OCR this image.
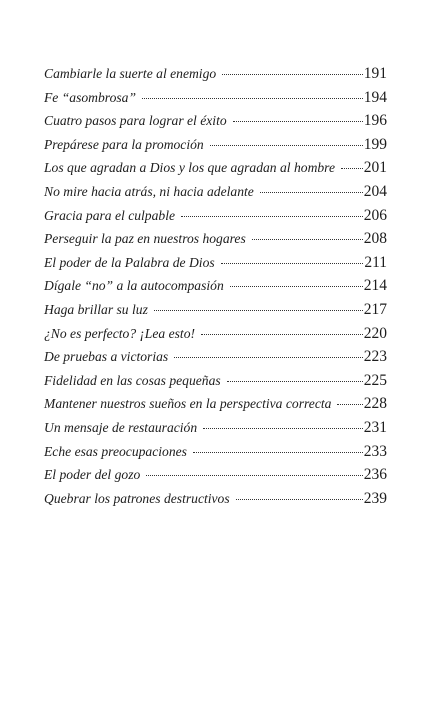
Cambiarle la suerte al enemigo	191
Fe “asombrosa”	194
Cuatro pasos para lograr el éxito	196
Prepárese para la promoción	199
Los que agradan a Dios y los que agradan al hombre 201
No mire hacia atrás, ni hacia adelante	204
Gracia para el culpable	206
Perseguir la paz en nuestros hogares	208
El poder de la Palabra de Dios	211
Dígale “no” a la autocompasión	214
Haga brillar su luz	217
¿No es perfecto? ¡Lea esto!	220
De pruebas a victorias	223
Fidelidad en las cosas pequeñas	225
Mantener nuestros sueños en la perspectiva correcta 228
Un mensaje de restauración	231
Eche esas preocupaciones	233
El poder del gozo	236
Quebrar los patrones destructivos	239
